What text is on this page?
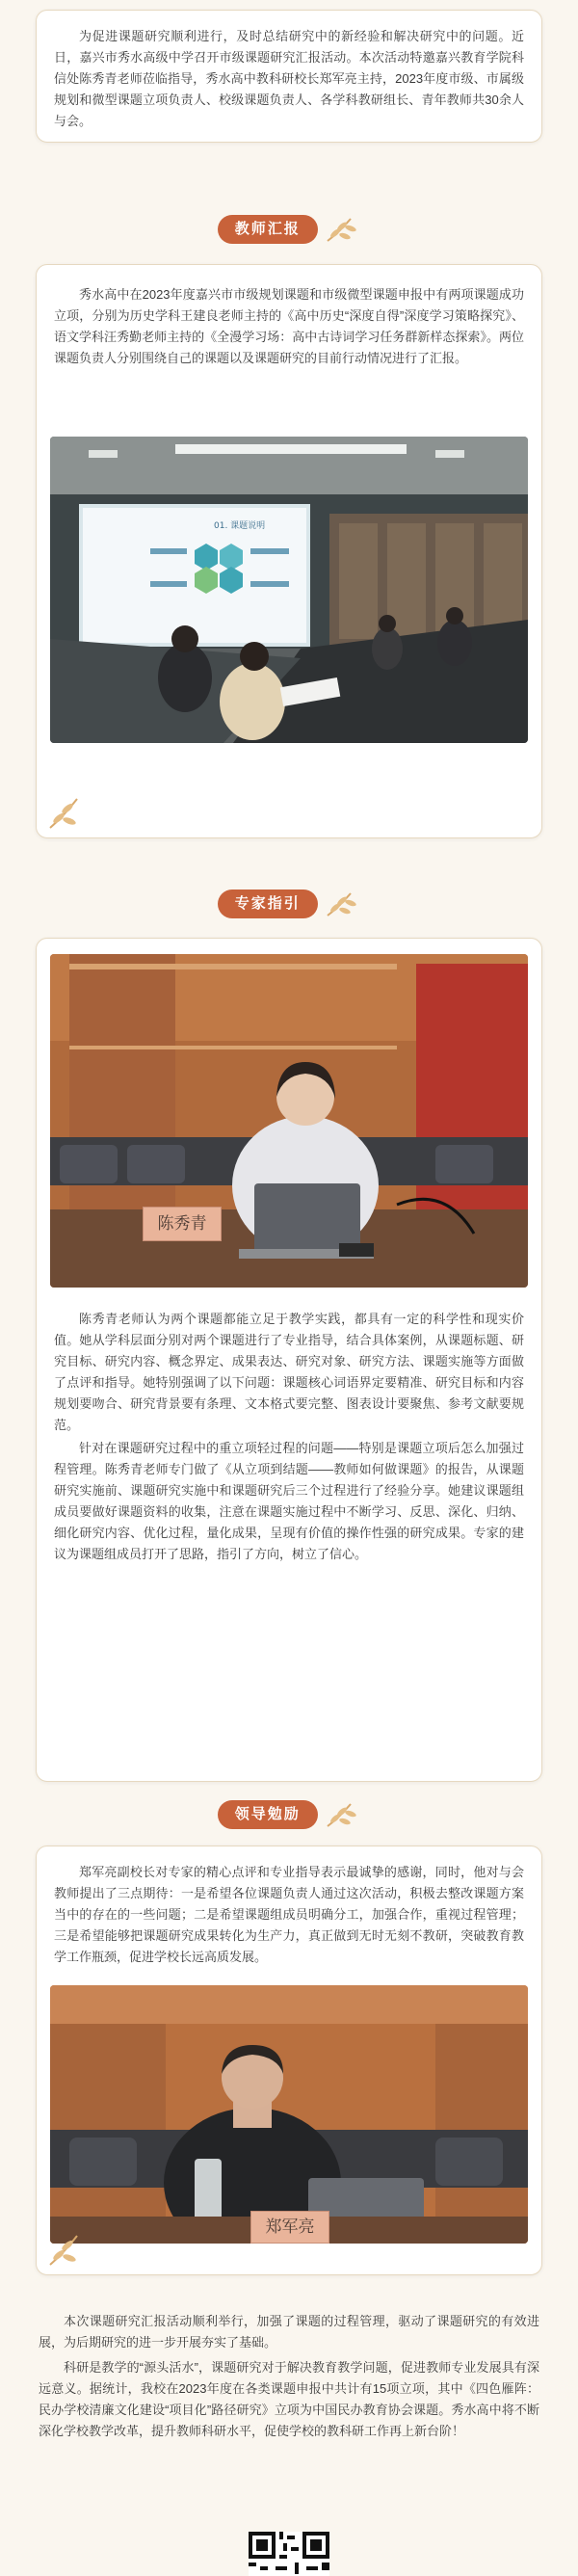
为促进课题研究顺利进行，及时总结研究中的新经验和解决研究中的问题。近日，嘉兴市秀水高级中学召开市级课题研究汇报活动。本次活动特邀嘉兴教育学院科信处陈秀青老师莅临指导，秀水高中教科研校长郑军亮主持，2023年度市级、市属级规划和微型课题立项负责人、校级课题负责人、各学科教研组长、青年教师共30余人与会。

教师汇报

秀水高中在2023年度嘉兴市市级规划课题和市级微型课题申报中有两项课题成功立项，分别为历史学科王建良老师主持的《高中历史“深度自得”深度学习策略探究》、语文学科汪秀勤老师主持的《全漫学习场：高中古诗词学习任务群新样态探索》。两位课题负责人分别围绕自己的课题以及课题研究的目前行动情况进行了汇报。

01. 课题说明
专家指引
陈秀青

陈秀青老师认为两个课题都能立足于教学实践，都具有一定的科学性和现实价值。她从学科层面分别对两个课题进行了专业指导，结合具体案例，从课题标题、研究目标、研究内容、概念界定、成果表达、研究对象、研究方法、课题实施等方面做了点评和指导。她特别强调了以下问题：课题核心词语界定要精准、研究目标和内容规划要吻合、研究背景要有条理、文本格式要完整、图表设计要聚焦、参考文献要规范。

针对在课题研究过程中的重立项轻过程的问题——特别是课题立项后怎么加强过程管理。陈秀青老师专门做了《从立项到结题——教师如何做课题》的报告，从课题研究实施前、课题研究实施中和课题研究后三个过程进行了经验分享。她建议课题组成员要做好课题资料的收集，注意在课题实施过程中不断学习、反思、深化、归纳、细化研究内容、优化过程，量化成果，呈现有价值的操作性强的研究成果。专家的建议为课题组成员打开了思路，指引了方向，树立了信心。

领导勉励

郑军亮副校长对专家的精心点评和专业指导表示最诚挚的感谢，同时，他对与会教师提出了三点期待：一是希望各位课题负责人通过这次活动，积极去整改课题方案当中的存在的一些问题；二是希望课题组成员明确分工，加强合作，重视过程管理；三是希望能够把课题研究成果转化为生产力，真正做到无时无刻不教研，突破教育教学工作瓶颈，促进学校长远高质发展。

郑军亮

本次课题研究汇报活动顺利举行，加强了课题的过程管理，驱动了课题研究的有效进展，为后期研究的进一步开展夯实了基础。

科研是教学的“源头活水”，课题研究对于解决教育教学问题，促进教师专业发展具有深远意义。据统计，我校在2023年度在各类课题申报中共计有15项立项，其中《四色雁阵：民办学校清廉文化建设“项目化”路径研究》立项为中国民办教育协会课题。秀水高中将不断深化学校教学改革，提升教师科研水平，促使学校的教科研工作再上新台阶！
